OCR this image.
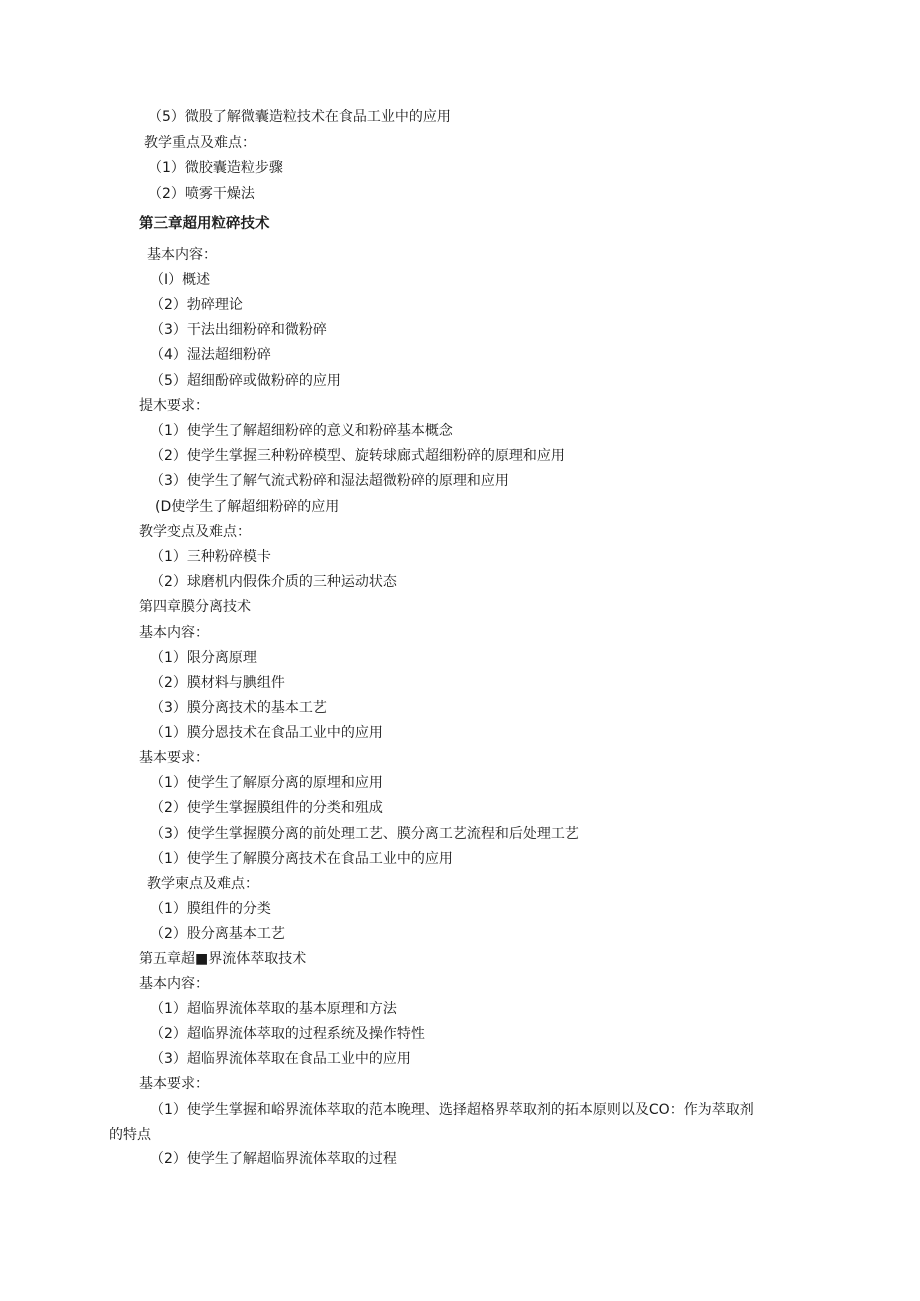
（5）微股了解微囊造粒技术在食品工业中的应用
教学重点及难点：
（1）微胶囊造粒步骤
（2）喷雾干燥法
第三章超用粒碎技术
基本内容：
（I）概述
（2）勃碎理论
（3）干法出细粉碎和微粉碎
（4）湿法超细粉碎
（5）超细酚碎或做粉碎的应用
提木要求：
（1）使学生了解超细粉碎的意义和粉碎基本概念
（2）使学生掌握三种粉碎模型、旋转球廊式超细粉碎的原理和应用
（3）使学生了解气流式粉碎和湿法超微粉碎的原理和应用
(D使学生了解超细粉碎的应用
教学变点及难点：
（1）三种粉碎模卡
（2）球磨机内假侏介质的三种运动状态
第四章膜分离技术
基本内容：
（1）限分离原理
（2）膜材料与腆组件
（3）膜分离技术的基本工艺
（1）膜分恩技术在食品工业中的应用
基本要求：
（1）使学生了解原分离的原埋和应用
（2）使学生掌握膜组件的分类和殂成
（3）使学生掌握膜分离的前处理工艺、膜分离工艺流程和后处理工艺
（1）使学生了解膜分离技术在食品工业中的应用
教学柬点及难点：
（1）膜组件的分类
（2）股分离基本工艺
第五章超■界流体萃取技术
基本内容：
（1）超临界流体萃取的基本原理和方法
（2）超临界流体萃取的过程系统及操作特性
（3）超临界流体萃取在食品工业中的应用
基本要求：
（1）使学生掌握和峪界流体萃取的范本晚理、选择超格界萃取剂的拓本原则以及CO：作为萃取剂
的特点
（2）使学生了解超临界流体萃取的过程
